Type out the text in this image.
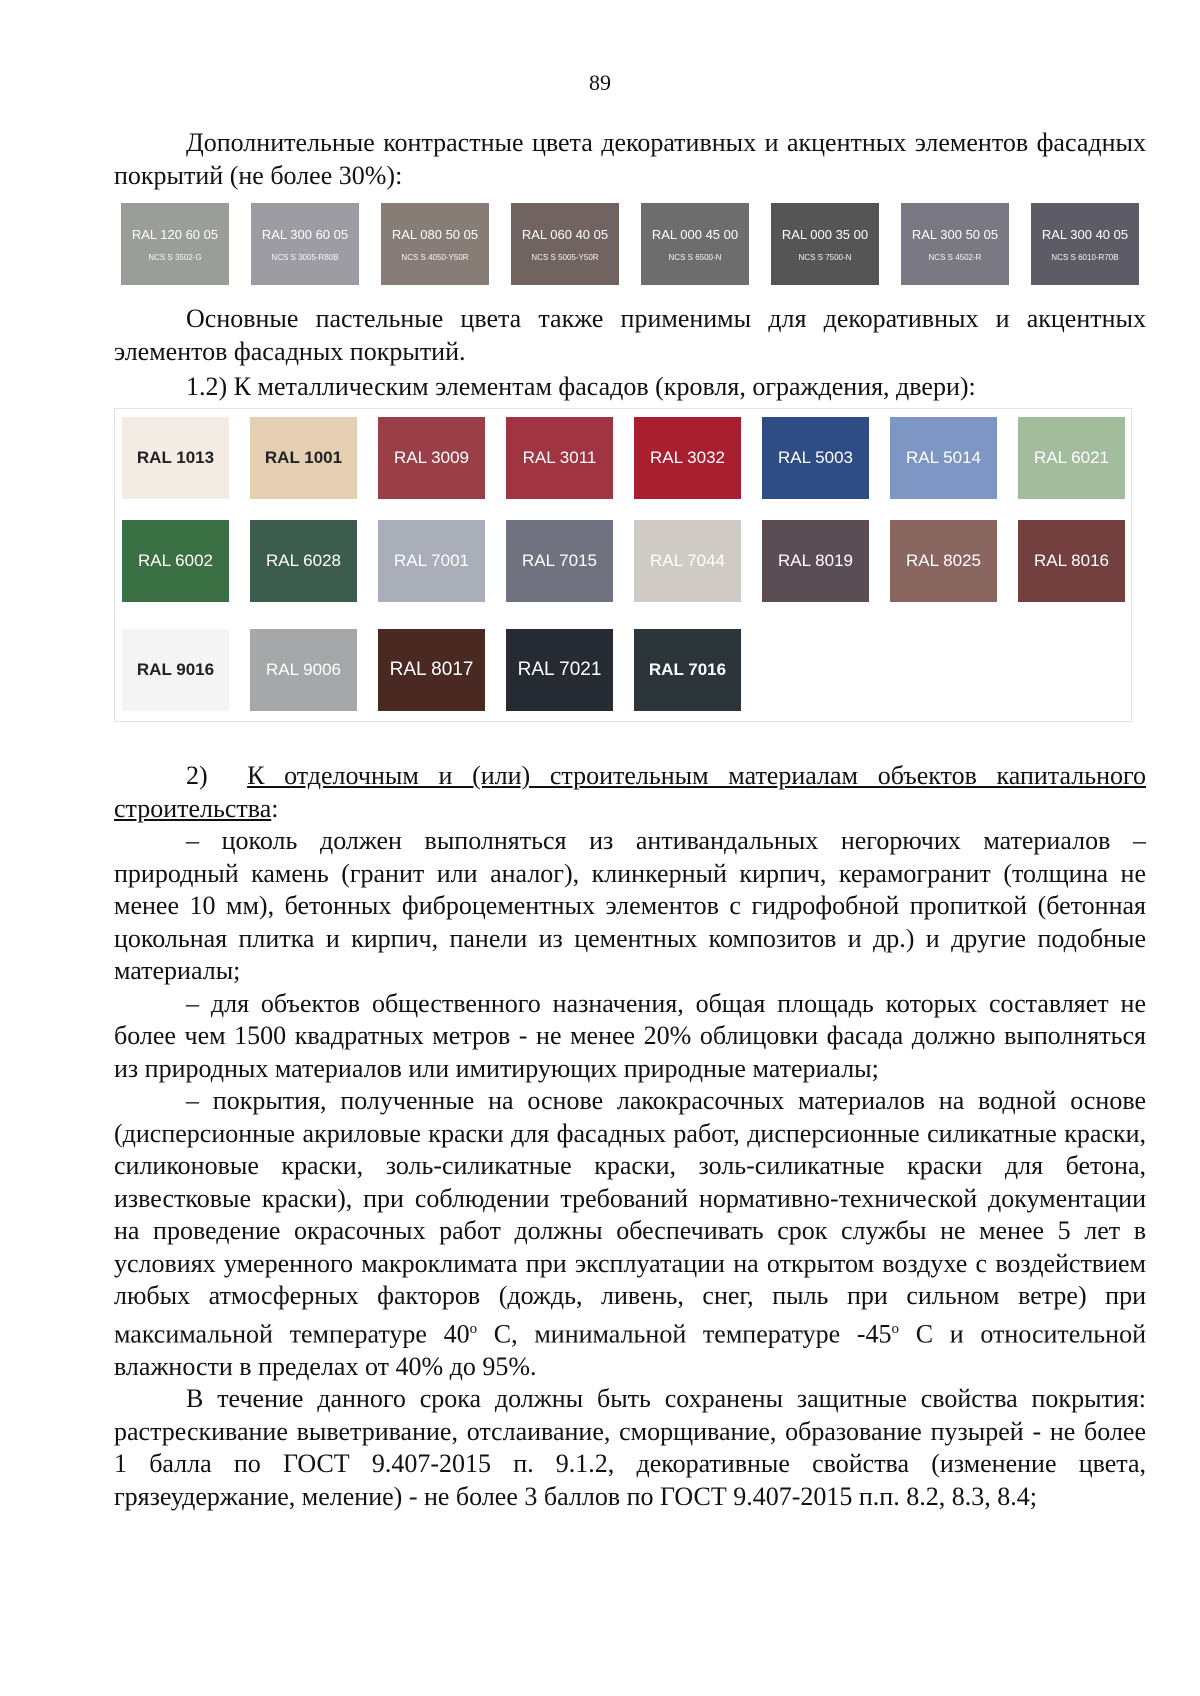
89

Дополнительные контрастные цвета декоративных и акцентных элементов фасадных покрытий (не более 30%):

RAL 120 60 05
NCS S 3502-G
RAL 300 60 05
NCS S 3005-R80B
RAL 080 50 05
NCS S 4050-Y50R
RAL 060 40 05
NCS S 5005-Y50R
RAL 000 45 00
NCS S 6500-N
RAL 000 35 00
NCS S 7500-N
RAL 300 50 05
NCS S 4502-R
RAL 300 40 05
NCS S 6010-R70B

Основные пастельные цвета также применимы для декоративных и акцентных элементов фасадных покрытий.

1.2) К металлическим элементам фасадов (кровля, ограждения, двери):

RAL 1013	RAL 1001	RAL 3009	RAL 3011	RAL 3032	RAL 5003	RAL 5014	RAL 6021
RAL 6002	RAL 6028	RAL 7001	RAL 7015	RAL 7044	RAL 8019	RAL 8025	RAL 8016
RAL 9016	RAL 9006	RAL 8017 RAL 7021	RAL 7016

2) К отделочным и (или) строительным материалам объектов капитального строительства:

– цоколь должен выполняться из антивандальных негорючих материалов – природный камень (гранит или аналог), клинкерный кирпич, керамогранит (толщина не менее 10 мм), бетонных фиброцементных элементов с гидрофобной пропиткой (бетонная цокольная плитка и кирпич, панели из цементных композитов и др.) и другие подобные материалы;

– для объектов общественного назначения, общая площадь которых составляет не более чем 1500 квадратных метров - не менее 20% облицовки фасада должно выполняться из природных материалов или имитирующих природные материалы;

– покрытия, полученные на основе лакокрасочных материалов на водной основе (дисперсионные акриловые краски для фасадных работ, дисперсионные силикатные краски, силиконовые краски, золь-силикатные краски, золь-силикатные краски для бетона, известковые краски), при соблюдении требований нормативно-технической документации на проведение окрасочных работ должны обеспечивать срок службы не менее 5 лет в условиях умеренного макроклимата при эксплуатации на открытом воздухе с воздействием любых атмосферных факторов (дождь, ливень, снег, пыль при сильном ветре) при максимальной температуре 40$^o$ С, минимальной температуре -45$^o$ С и относительной влажности в пределах от 40% до 95%.

В течение данного срока должны быть сохранены защитные свойства покрытия: растрескивание выветривание, отслаивание, сморщивание, образование пузырей - не более 1 балла по ГОСТ 9.407-2015 п. 9.1.2, декоративные свойства (изменение цвета, грязеудержание, меление) - не более 3 баллов по ГОСТ 9.407-2015 п.п. 8.2, 8.3, 8.4;
